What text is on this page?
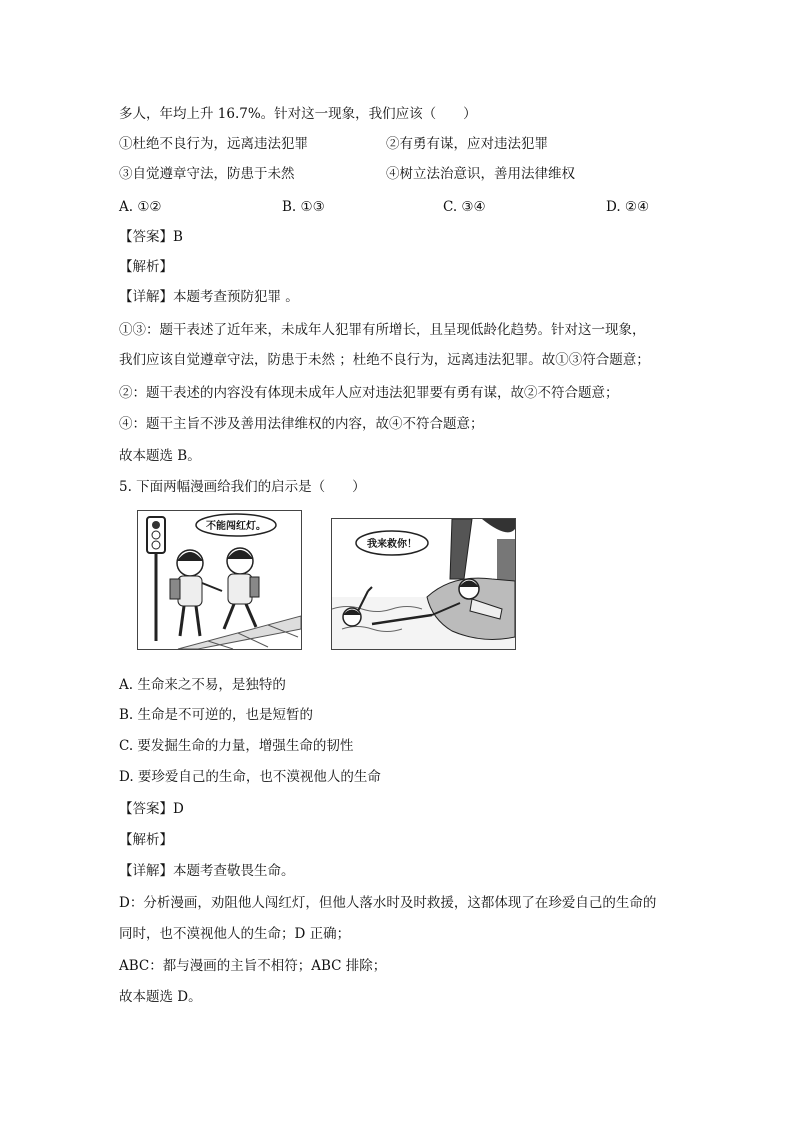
多人，年均上升 16.7%。针对这一现象，我们应该（　　）
①杜绝不良行为，远离违法犯罪	②有勇有谋，应对违法犯罪
③自觉遵章守法，防患于未然	④树立法治意识，善用法律维权
A. ①②	B. ①③	C. ③④	D. ②④
【答案】B
【解析】
【详解】本题考查预防犯罪 。
①③：题干表述了近年来，未成年人犯罪有所增长，且呈现低龄化趋势。针对这一现象，
我们应该自觉遵章守法，防患于未然 ；杜绝不良行为，远离违法犯罪。故①③符合题意；
②：题干表述的内容没有体现未成年人应对违法犯罪要有勇有谋，故②不符合题意；
④：题干主旨不涉及善用法律维权的内容，故④不符合题意；
故本题选 B。
5. 下面两幅漫画给我们的启示是（　　）
不能闯红灯。
我来救你！
A. 生命来之不易，是独特的
B. 生命是不可逆的，也是短暂的
C. 要发掘生命的力量，增强生命的韧性
D. 要珍爱自己的生命，也不漠视他人的生命
【答案】D
【解析】
【详解】本题考查敬畏生命。
D：分析漫画，劝阻他人闯红灯，但他人落水时及时救援，这都体现了在珍爱自己的生命的
同时，也不漠视他人的生命；D 正确；
ABC：都与漫画的主旨不相符；ABC 排除；
故本题选 D。
